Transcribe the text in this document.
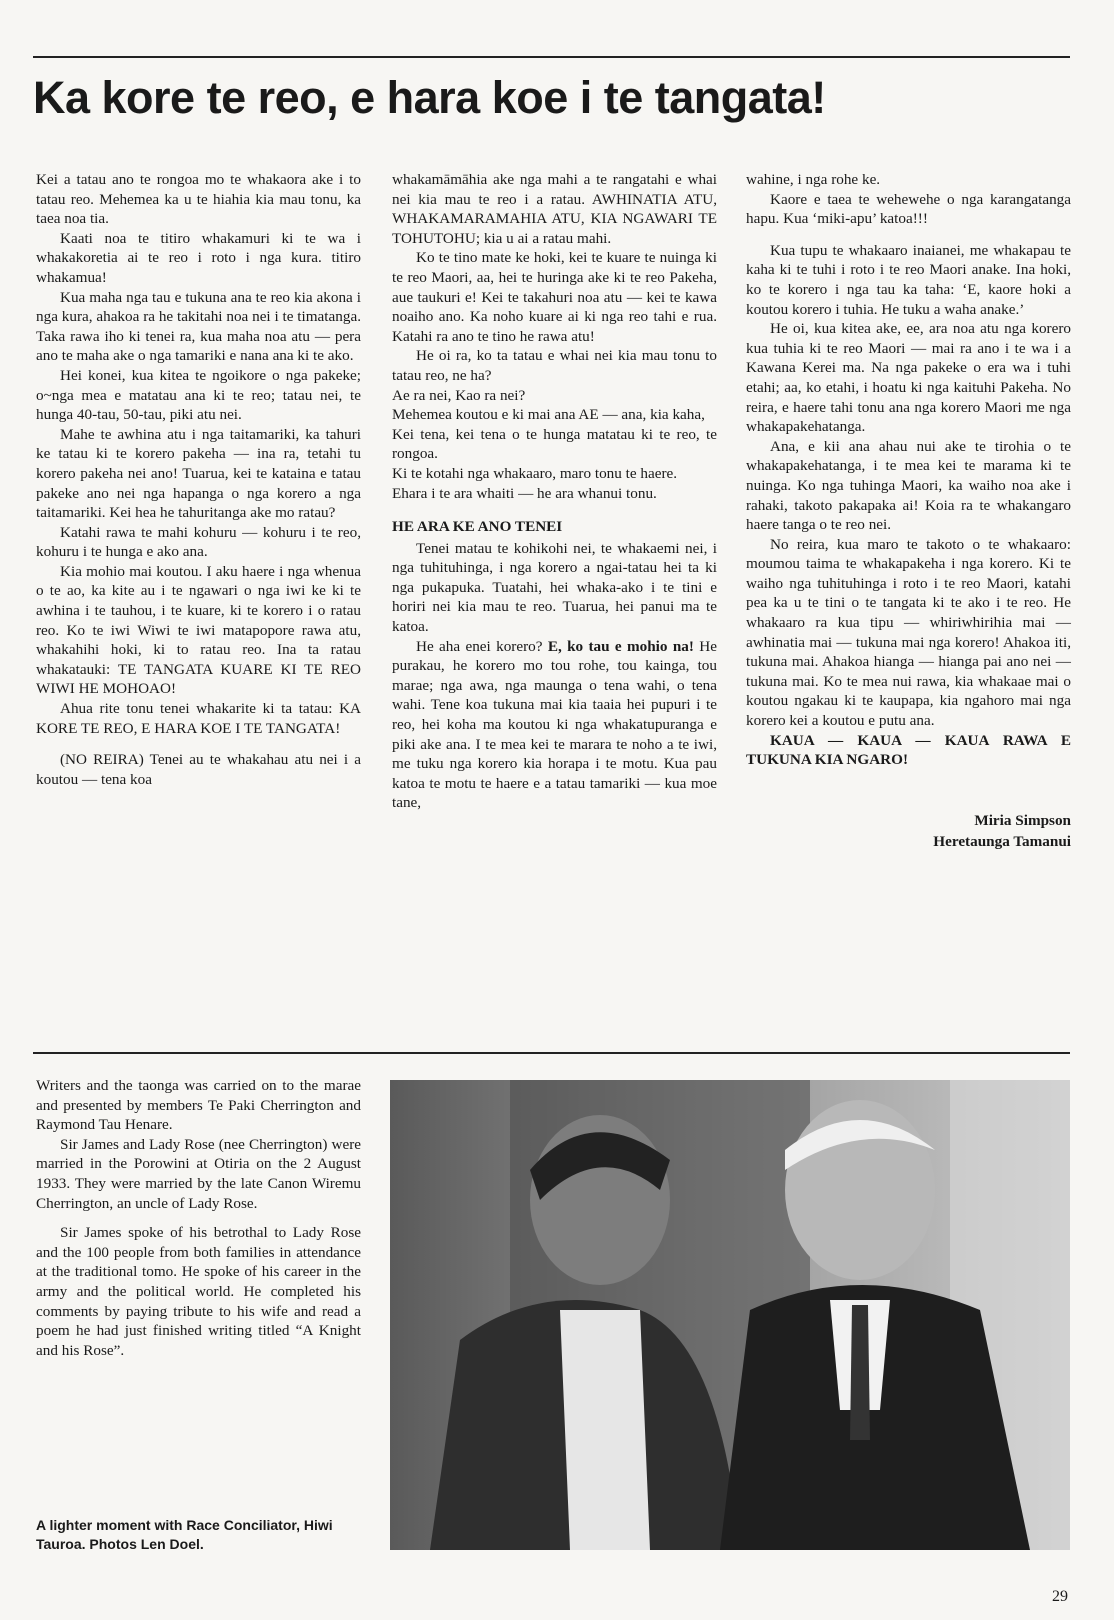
Ka kore te reo, e hara koe i te tangata!

Kei a tatau ano te rongoa mo te whakaora ake i to tatau reo. Mehemea ka u te hiahia kia mau tonu, ka taea noa tia.

Kaati noa te titiro whakamuri ki te wa i whakakoretia ai te reo i roto i nga kura. titiro whakamua!

Kua maha nga tau e tukuna ana te reo kia akona i nga kura, ahakoa ra he takitahi noa nei i te timatanga. Taka rawa iho ki tenei ra, kua maha noa atu — pera ano te maha ake o nga tamariki e nana ana ki te ako.

Hei konei, kua kitea te ngoikore o nga pakeke; o~nga mea e matatau ana ki te reo; tatau nei, te hunga 40-tau, 50-tau, piki atu nei.

Mahe te awhina atu i nga taitamariki, ka tahuri ke tatau ki te korero pakeha — ina ra, tetahi tu korero pakeha nei ano! Tuarua, kei te kataina e tatau pakeke ano nei nga hapanga o nga korero a nga taitamariki. Kei hea he tahuritanga ake mo ratau?

Katahi rawa te mahi kohuru — kohuru i te reo, kohuru i te hunga e ako ana.

Kia mohio mai koutou. I aku haere i nga whenua o te ao, ka kite au i te ngawari o nga iwi ke ki te awhina i te tauhou, i te kuare, ki te korero i o ratau reo. Ko te iwi Wiwi te iwi matapopore rawa atu, whakahihi hoki, ki to ratau reo. Ina ta ratau whakatauki: TE TANGATA KUARE KI TE REO WIWI HE MOHOAO!

Ahua rite tonu tenei whakarite ki ta tatau: KA KORE TE REO, E HARA KOE I TE TANGATA!

(NO REIRA) Tenei au te whakahau atu nei i a koutou — tena koa

whakamāmāhia ake nga mahi a te rangatahi e whai nei kia mau te reo i a ratau. AWHINATIA ATU, WHAKAMARAMAHIA ATU, KIA NGAWARI TE TOHUTOHU; kia u ai a ratau mahi.

Ko te tino mate ke hoki, kei te kuare te nuinga ki te reo Maori, aa, hei te huringa ake ki te reo Pakeha, aue taukuri e! Kei te takahuri noa atu — kei te kawa noaiho ano. Ka noho kuare ai ki nga reo tahi e rua. Katahi ra ano te tino he rawa atu!

He oi ra, ko ta tatau e whai nei kia mau tonu to tatau reo, ne ha?

Ae ra nei, Kao ra nei?

Mehemea koutou e ki mai ana AE — ana, kia kaha,

Kei tena, kei tena o te hunga matatau ki te reo, te rongoa.

Ki te kotahi nga whakaaro, maro tonu te haere.

Ehara i te ara whaiti — he ara whanui tonu.

HE ARA KE ANO TENEI

Tenei matau te kohikohi nei, te whakaemi nei, i nga tuhituhinga, i nga korero a ngai-tatau hei ta ki nga pukapuka. Tuatahi, hei whaka-ako i te tini e horiri nei kia mau te reo. Tuarua, hei panui ma te katoa.

He aha enei korero? E, ko tau e mohio na! He purakau, he korero mo tou rohe, tou kainga, tou marae; nga awa, nga maunga o tena wahi, o tena wahi. Tene koa tukuna mai kia taaia hei pupuri i te reo, hei koha ma koutou ki nga whakatupuranga e piki ake ana. I te mea kei te marara te noho a te iwi, me tuku nga korero kia horapa i te motu. Kua pau katoa te motu te haere e a tatau tamariki — kua moe tane,

wahine, i nga rohe ke.

Kaore e taea te wehewehe o nga karangatanga hapu. Kua ‘miki-apu’ katoa!!!

Kua tupu te whakaaro inaianei, me whakapau te kaha ki te tuhi i roto i te reo Maori anake. Ina hoki, ko te korero i nga tau ka taha: ‘E, kaore hoki a koutou korero i tuhia. He tuku a waha anake.’

He oi, kua kitea ake, ee, ara noa atu nga korero kua tuhia ki te reo Maori — mai ra ano i te wa i a Kawana Kerei ma. Na nga pakeke o era wa i tuhi etahi; aa, ko etahi, i hoatu ki nga kaituhi Pakeha. No reira, e haere tahi tonu ana nga korero Maori me nga whakapakehatanga.

Ana, e kii ana ahau nui ake te tirohia o te whakapakehatanga, i te mea kei te marama ki te nuinga. Ko nga tuhinga Maori, ka waiho noa ake i rahaki, takoto pakapaka ai! Koia ra te whakangaro haere tanga o te reo nei.

No reira, kua maro te takoto o te whakaaro: moumou taima te whakapakeha i nga korero. Ki te waiho nga tuhituhinga i roto i te reo Maori, katahi pea ka u te tini o te tangata ki te ako i te reo. He whakaaro ra kua tipu — whiriwhirihia mai — awhinatia mai — tukuna mai nga korero! Ahakoa iti, tukuna mai. Ahakoa hianga — hianga pai ano nei — tukuna mai. Ko te mea nui rawa, kia whakaae mai o koutou ngakau ki te kaupapa, kia ngahoro mai nga korero kei a koutou e putu ana.

KAUA — KAUA — KAUA RAWA E TUKUNA KIA NGARO!

Miria Simpson
Heretaunga Tamanui

Writers and the taonga was carried on to the marae and presented by members Te Paki Cherrington and Raymond Tau Henare.

Sir James and Lady Rose (nee Cherrington) were married in the Porowini at Otiria on the 2 August 1933. They were married by the late Canon Wiremu Cherrington, an uncle of Lady Rose.

Sir James spoke of his betrothal to Lady Rose and the 100 people from both families in attendance at the traditional tomo. He spoke of his career in the army and the political world. He completed his comments by paying tribute to his wife and read a poem he had just finished writing titled “A Knight and his Rose”.

A lighter moment with Race Conciliator, Hiwi Tauroa. Photos Len Doel.
29
